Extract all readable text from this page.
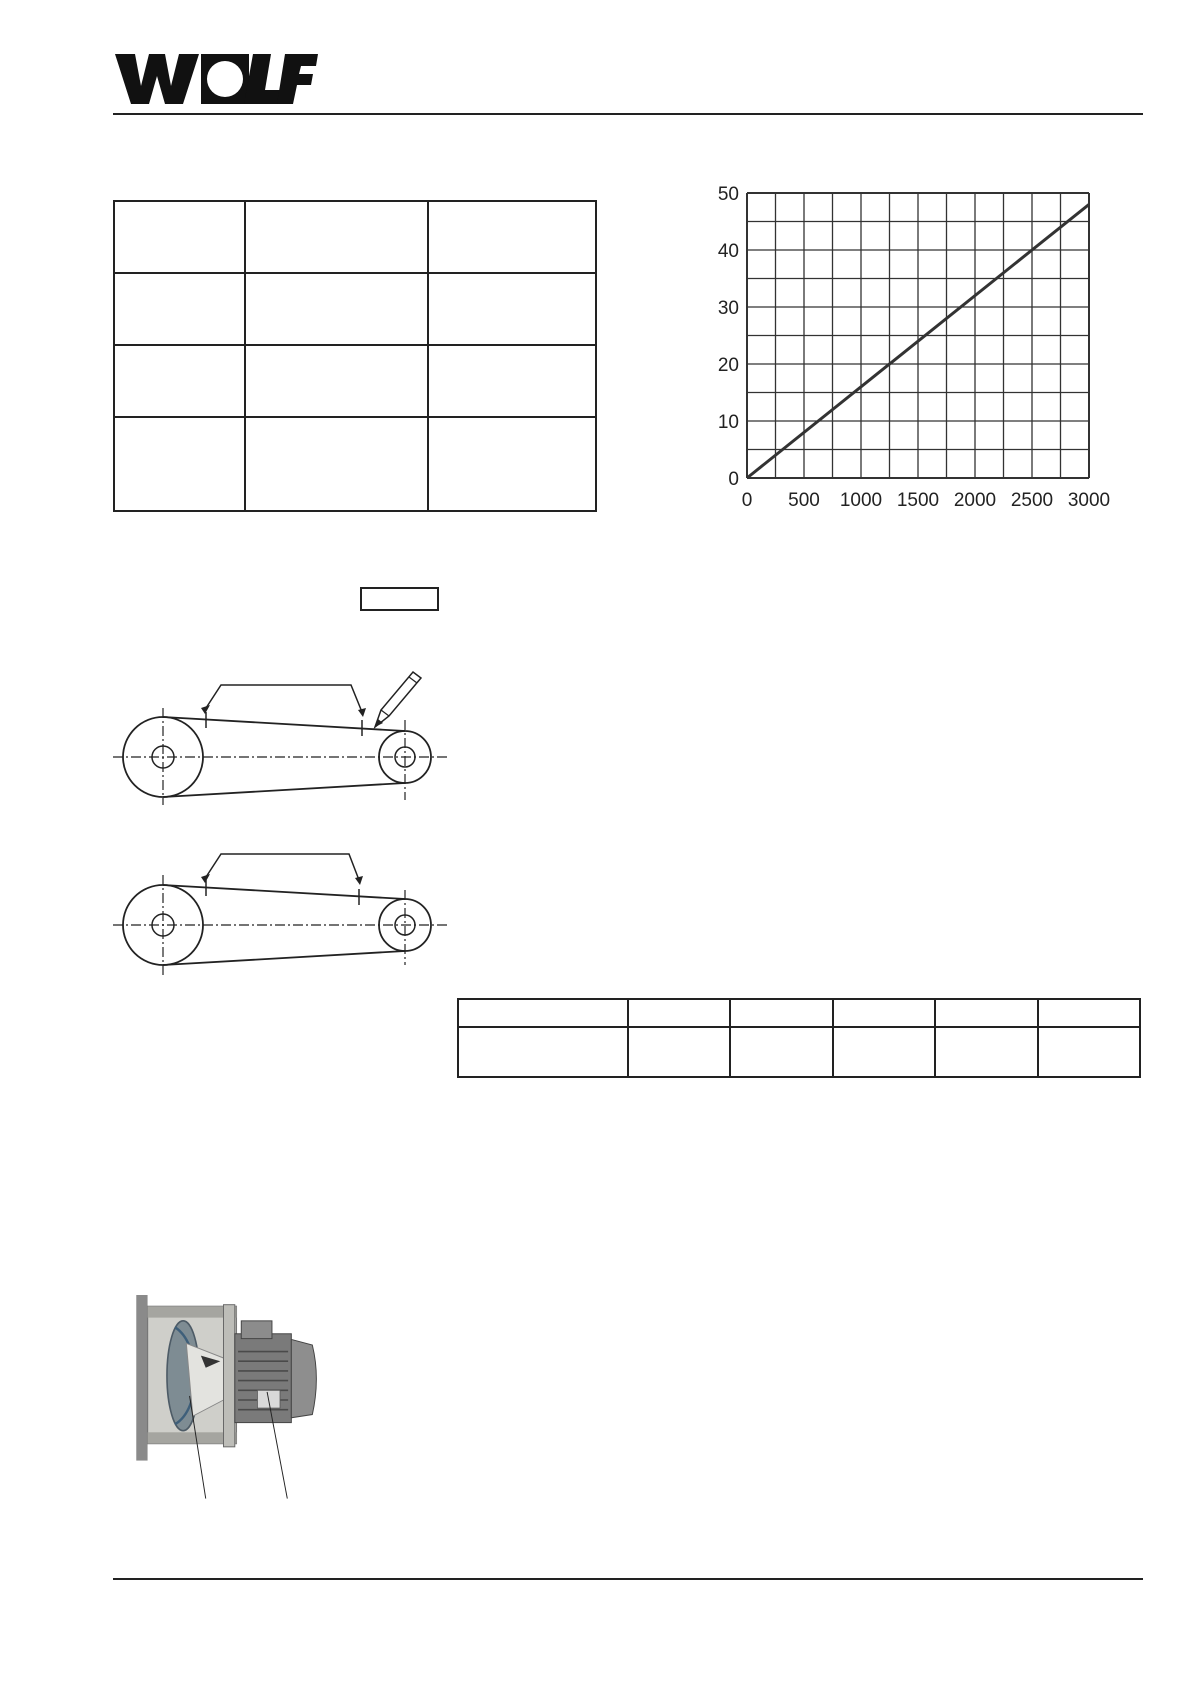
0 500 1000 1500 2000 2500 3000
0
10
20
30
40
50
